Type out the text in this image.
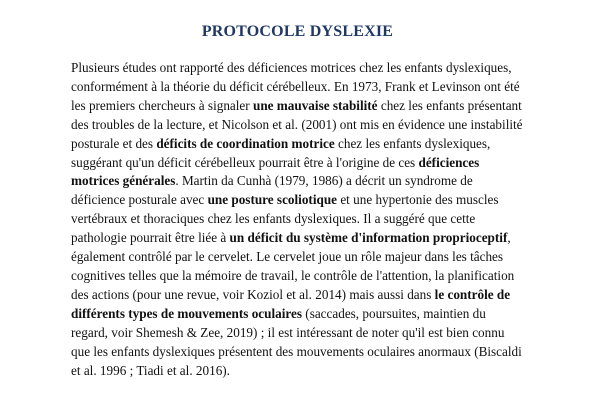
PROTOCOLE DYSLEXIE

Plusieurs études ont rapporté des déficiences motrices chez les enfants dyslexiques, conformément à la théorie du déficit cérébelleux. En 1973, Frank et Levinson ont été les premiers chercheurs à signaler une mauvaise stabilité chez les enfants présentant des troubles de la lecture, et Nicolson et al. (2001) ont mis en évidence une instabilité posturale et des déficits de coordination motrice chez les enfants dyslexiques, suggérant qu'un déficit cérébelleux pourrait être à l'origine de ces déficiences motrices générales. Martin da Cunhà (1979, 1986) a décrit un syndrome de déficience posturale avec une posture scoliotique et une hypertonie des muscles vertébraux et thoraciques chez les enfants dyslexiques. Il a suggéré que cette pathologie pourrait être liée à un déficit du système d'information proprioceptif, également contrôlé par le cervelet. Le cervelet joue un rôle majeur dans les tâches cognitives telles que la mémoire de travail, le contrôle de l'attention, la planification des actions (pour une revue, voir Koziol et al. 2014) mais aussi dans le contrôle de différents types de mouvements oculaires (saccades, poursuites, maintien du regard, voir Shemesh & Zee, 2019) ; il est intéressant de noter qu'il est bien connu que les enfants dyslexiques présentent des mouvements oculaires anormaux (Biscaldi et al. 1996 ; Tiadi et al. 2016).
